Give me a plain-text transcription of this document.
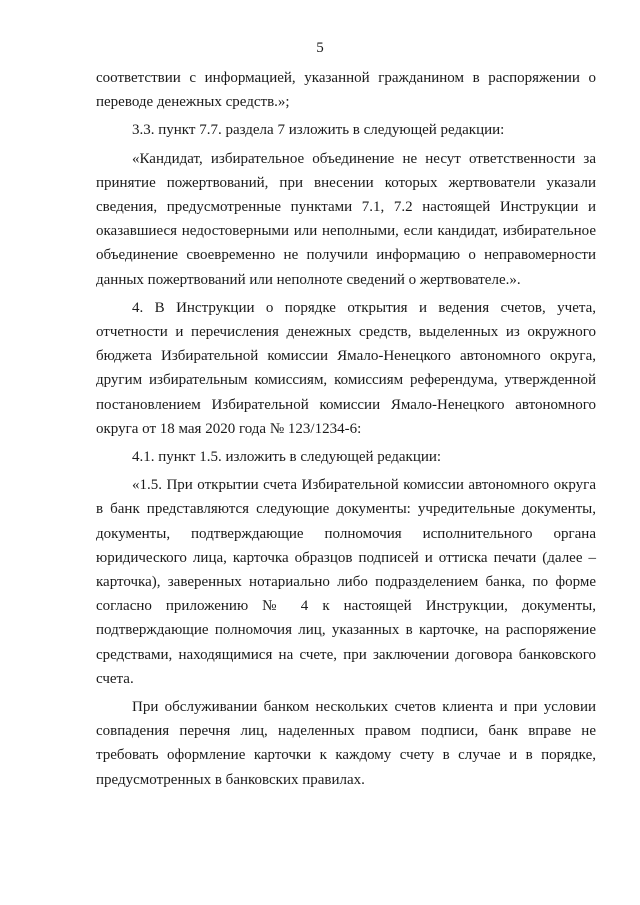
5

соответствии с информацией, указанной гражданином в распоряжении о переводе денежных средств.»;

3.3. пункт 7.7. раздела 7 изложить в следующей редакции:

«Кандидат, избирательное объединение не несут ответственности за принятие пожертвований, при внесении которых жертвователи указали сведения, предусмотренные пунктами 7.1, 7.2 настоящей Инструкции и оказавшиеся недостоверными или неполными, если кандидат, избирательное объединение своевременно не получили информацию о неправомерности данных пожертвований или неполноте сведений о жертвователе.».

4. В Инструкции о порядке открытия и ведения счетов, учета, отчетности и перечисления денежных средств, выделенных из окружного бюджета Избирательной комиссии Ямало-Ненецкого автономного округа, другим избирательным комиссиям, комиссиям референдума, утвержденной постановлением Избирательной комиссии Ямало-Ненецкого автономного округа от 18 мая 2020 года № 123/1234-6:

4.1. пункт 1.5. изложить в следующей редакции:

«1.5. При открытии счета Избирательной комиссии автономного округа в банк представляются следующие документы: учредительные документы, документы, подтверждающие полномочия исполнительного органа юридического лица, карточка образцов подписей и оттиска печати (далее – карточка), заверенных нотариально либо подразделением банка, по форме согласно приложению № 4 к настоящей Инструкции, документы, подтверждающие полномочия лиц, указанных в карточке, на распоряжение средствами, находящимися на счете, при заключении договора банковского счета.

При обслуживании банком нескольких счетов клиента и при условии совпадения перечня лиц, наделенных правом подписи, банк вправе не требовать оформление карточки к каждому счету в случае и в порядке, предусмотренных в банковских правилах.
